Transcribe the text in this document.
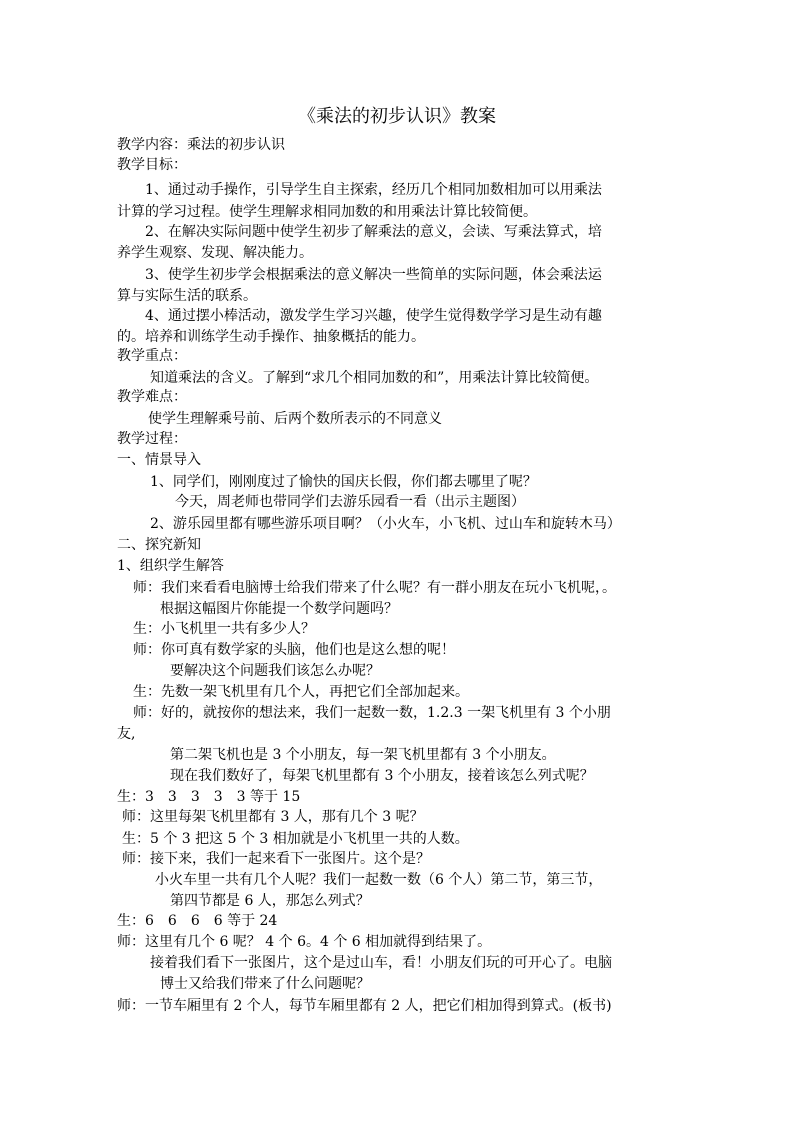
《乘法的初步认识》教案
教学内容：乘法的初步认识
教学目标：
1、通过动手操作，引导学生自主探索，经历几个相同加数相加可以用乘法
计算的学习过程。使学生理解求相同加数的和用乘法计算比较简便。
2、在解决实际问题中使学生初步了解乘法的意义，会读、写乘法算式，培
养学生观察、发现、解决能力。
3、使学生初步学会根据乘法的意义解决一些简单的实际问题，体会乘法运
算与实际生活的联系。
4、通过摆小棒活动，激发学生学习兴趣，使学生觉得数学学习是生动有趣
的。培养和训练学生动手操作、抽象概括的能力。
教学重点：
知道乘法的含义。了解到“求几个相同加数的和”，用乘法计算比较简便。
教学难点：
使学生理解乘号前、后两个数所表示的不同意义
教学过程：
一、情景导入
1、同学们，刚刚度过了愉快的国庆长假，你们都去哪里了呢？
今天，周老师也带同学们去游乐园看一看（出示主题图）
2、游乐园里都有哪些游乐项目啊？（小火车，小飞机、过山车和旋转木马）
二、探究新知
1、组织学生解答
师：我们来看看电脑博士给我们带来了什么呢？有一群小朋友在玩小飞机呢，。
根据这幅图片你能提一个数学问题吗？
生：小飞机里一共有多少人？
师：你可真有数学家的头脑，他们也是这么想的呢！
要解决这个问题我们该怎么办呢？
生：先数一架飞机里有几个人，再把它们全部加起来。
师：好的，就按你的想法来，我们一起数一数，1.2.3 一架飞机里有 3 个小朋
友,
第二架飞机也是 3 个小朋友，每一架飞机里都有 3 个小朋友。
现在我们数好了，每架飞机里都有 3 个小朋友，接着该怎么列式呢？
生：3　3　3　3　3 等于 15
师：这里每架飞机里都有 3 人，那有几个 3 呢？
生：5 个 3 把这 5 个 3 相加就是小飞机里一共的人数。
师：接下来，我们一起来看下一张图片。这个是？
小火车里一共有几个人呢？我们一起数一数（6 个人）第二节，第三节，
第四节都是 6 人，那怎么列式？
生：6　6　6　6 等于 24
师：这里有几个 6 呢？ 4 个 6。4 个 6 相加就得到结果了。
接着我们看下一张图片，这个是过山车，看！小朋友们玩的可开心了。电脑
博士又给我们带来了什么问题呢？
师：一节车厢里有 2 个人，每节车厢里都有 2 人，把它们相加得到算式。(板书)
